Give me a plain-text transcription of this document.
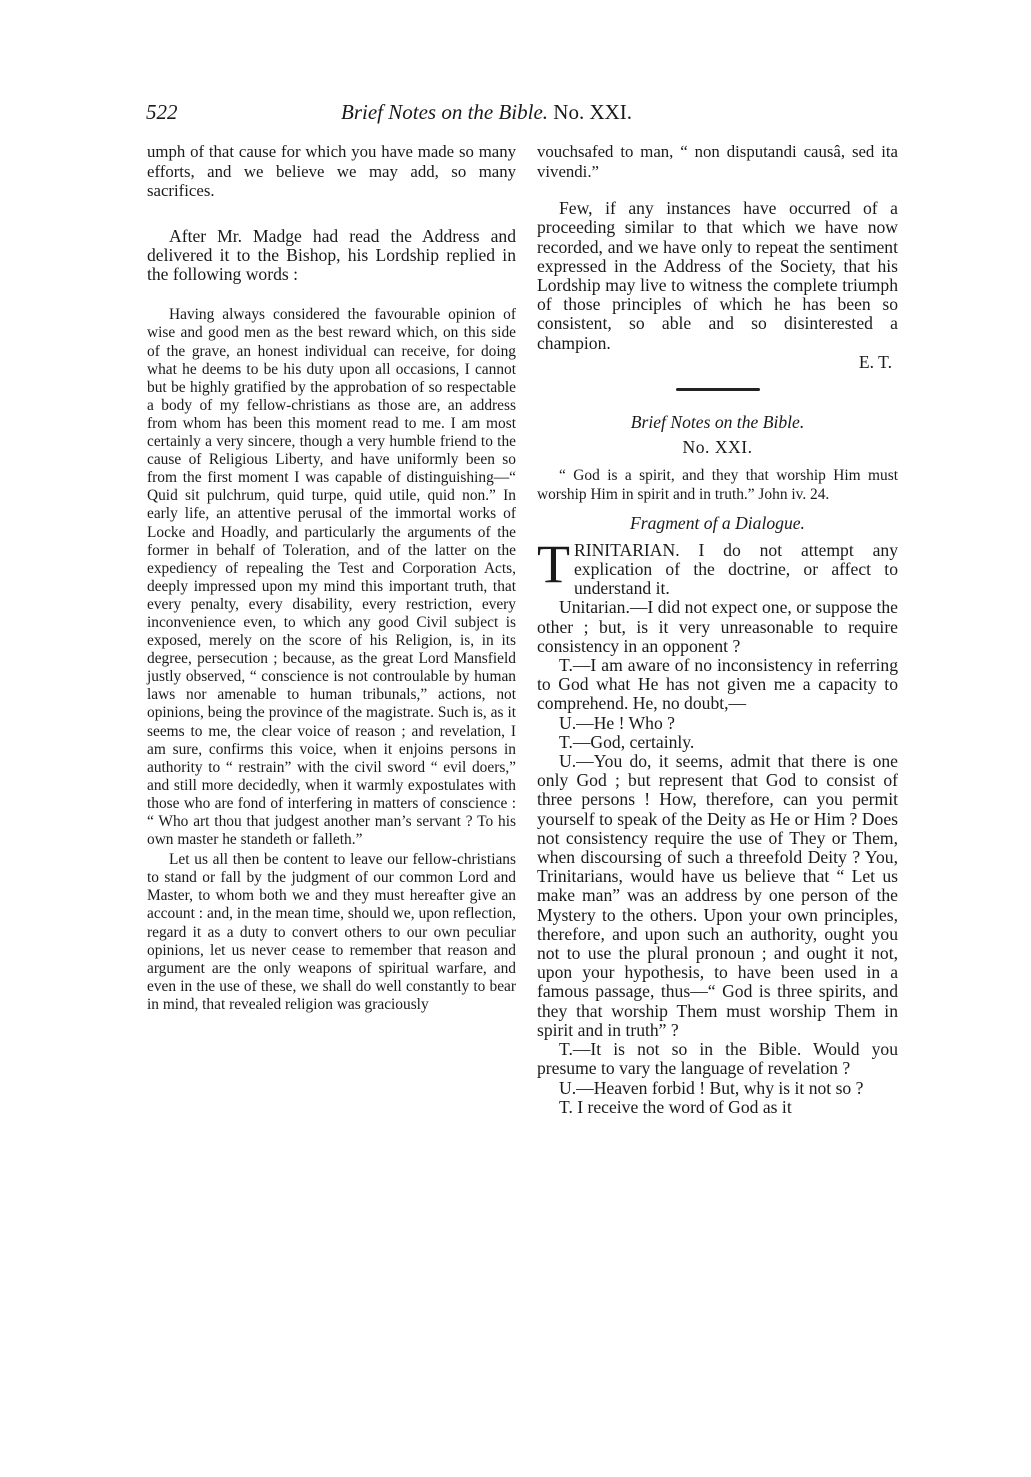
522	Brief Notes on the Bible. No. XXI.

umph of that cause for which you have made so many efforts, and we believe we may add, so many sacrifices.

After Mr. Madge had read the Address and delivered it to the Bishop, his Lordship replied in the following words :

Having always considered the favourable opinion of wise and good men as the best reward which, on this side of the grave, an honest individual can receive, for doing what he deems to be his duty upon all occasions, I cannot but be highly gratified by the approbation of so respectable a body of my fellow-christians as those are, an address from whom has been this moment read to me. I am most certainly a very sincere, though a very humble friend to the cause of Religious Liberty, and have uniformly been so from the first moment I was capable of distinguishing—“ Quid sit pulchrum, quid turpe, quid utile, quid non.” In early life, an attentive perusal of the immortal works of Locke and Hoadly, and particularly the arguments of the former in behalf of Toleration, and of the latter on the expediency of repealing the Test and Corporation Acts, deeply impressed upon my mind this important truth, that every penalty, every disability, every restriction, every inconvenience even, to which any good Civil subject is exposed, merely on the score of his Religion, is, in its degree, persecution ; because, as the great Lord Mansfield justly observed, “ conscience is not controulable by human laws nor amenable to human tribunals,” actions, not opinions, being the province of the magistrate. Such is, as it seems to me, the clear voice of reason ; and revelation, I am sure, confirms this voice, when it enjoins persons in authority to “ restrain” with the civil sword “ evil doers,” and still more decidedly, when it warmly expostulates with those who are fond of interfering in matters of conscience : “ Who art thou that judgest another man’s servant ? To his own master he standeth or falleth.”

Let us all then be content to leave our fellow-christians to stand or fall by the judgment of our common Lord and Master, to whom both we and they must hereafter give an account : and, in the mean time, should we, upon reflection, regard it as a duty to convert others to our own peculiar opinions, let us never cease to remember that reason and argument are the only weapons of spiritual warfare, and even in the use of these, we shall do well constantly to bear in mind, that revealed religion was graciously

vouchsafed to man, “ non disputandi causâ, sed ita vivendi.”

Few, if any instances have occurred of a proceeding similar to that which we have now recorded, and we have only to repeat the sentiment expressed in the Address of the Society, that his Lordship may live to witness the complete triumph of those principles of which he has been so consistent, so able and so disinterested a champion.

E. T.

Brief Notes on the Bible.

No. XXI.

“ God is a spirit, and they that worship Him must worship Him in spirit and in truth.” John iv. 24.

Fragment of a Dialogue.

TRINITARIAN. I do not attempt any explication of the doctrine, or affect to understand it.

Unitarian.—I did not expect one, or suppose the other ; but, is it very unreasonable to require consistency in an opponent ?

T.—I am aware of no inconsistency in referring to God what He has not given me a capacity to comprehend. He, no doubt,—

U.—He ! Who ?

T.—God, certainly.

U.—You do, it seems, admit that there is one only God ; but represent that God to consist of three persons ! How, therefore, can you permit yourself to speak of the Deity as He or Him ? Does not consistency require the use of They or Them, when discoursing of such a threefold Deity ? You, Trinitarians, would have us believe that “ Let us make man” was an address by one person of the Mystery to the others. Upon your own principles, therefore, and upon such an authority, ought you not to use the plural pronoun ; and ought it not, upon your hypothesis, to have been used in a famous passage, thus—“ God is three spirits, and they that worship Them must worship Them in spirit and in truth” ?

T.—It is not so in the Bible. Would you presume to vary the language of revelation ?

U.—Heaven forbid ! But, why is it not so ?

T. I receive the word of God as it
